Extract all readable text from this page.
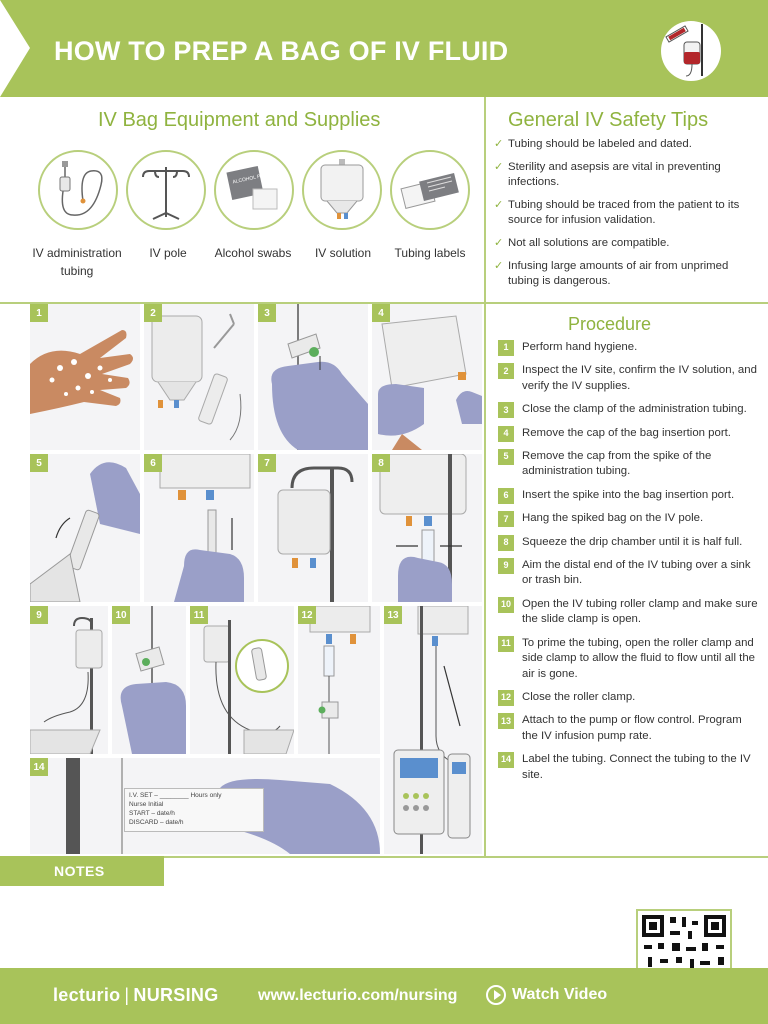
HOW TO PREP A BAG OF IV FLUID
IV Bag Equipment and Supplies
ALCOHOL PAD
IV administration tubing
IV pole	Alcohol swabs	IV solution	Tubing labels
General IV Safety Tips
✓ Tubing should be labeled and dated.
✓ Sterility and asepsis are vital in preventing infections.
✓ Tubing should be traced from the patient to its source for infusion validation.
✓ Not all solutions are compatible.
✓ Infusing large amounts of air from unprimed tubing is dangerous.
1	2	3	4
5	6	7	8
9	10	11	12	13
14
I.V. SET – ________ Hours only
Nurse Initial
START – date/h
DISCARD – date/h
Procedure
1	Perform hand hygiene.
2	Inspect the IV site, confirm the IV solution, and verify the IV supplies.
3	Close the clamp of the administration tubing.
4	Remove the cap of the bag insertion port.
5	Remove the cap from the spike of the administration tubing.
6	Insert the spike into the bag insertion port.
7	Hang the spiked bag on the IV pole.
8	Squeeze the drip chamber until it is half full.
9	Aim the distal end of the IV tubing over a sink or trash bin.
10 Open the IV tubing roller clamp and make sure the slide clamp is open.
11 To prime the tubing, open the roller clamp and side clamp to allow the fluid to flow until all the air is gone.
12 Close the roller clamp.
13 Attach to the pump or flow control. Program the IV infusion pump rate.
14 Label the tubing. Connect the tubing to the IV site.
NOTES
lecturio | NURSING www.lecturio.com/nursing	Watch Video
